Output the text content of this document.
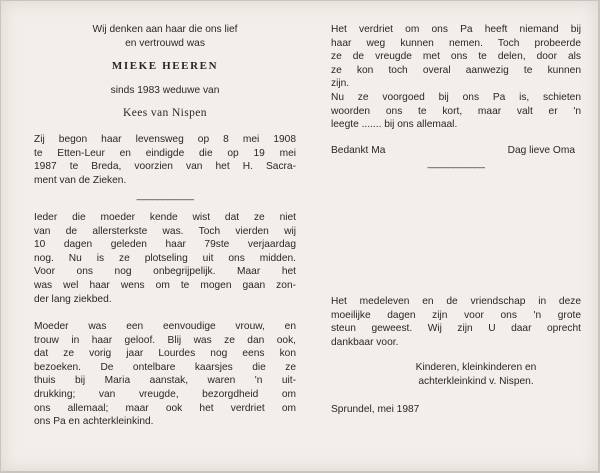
Wij denken aan haar die ons lief

en vertrouwd was

MIEKE HEEREN

sinds 1983 weduwe van

Kees van Nispen

Zij begon haar levensweg op 8 mei 1908

te Etten-Leur en eindigde die op 19 mei

1987 te Breda, voorzien van het H. Sacra-

ment van de Zieken.

___________

Ieder die moeder kende wist dat ze niet

van de allersterkste was. Toch vierden wij

10 dagen geleden haar 79ste verjaardag

nog. Nu is ze plotseling uit ons midden.

Voor ons nog onbegrijpelijk. Maar het

was wel haar wens om te mogen gaan zon-

der lang ziekbed.

Moeder was een eenvoudige vrouw, en

trouw in haar geloof. Blij was ze dan ook,

dat ze vorig jaar Lourdes nog eens kon

bezoeken. De ontelbare kaarsjes die ze

thuis bij Maria aanstak, waren 'n uit-

drukking; van vreugde, bezorgdheid om

ons allemaal; maar ook het verdriet om

ons Pa en achterkleinkind.

Het verdriet om ons Pa heeft niemand bij

haar weg kunnen nemen. Toch probeerde

ze de vreugde met ons te delen, door als

ze kon toch overal aanwezig te kunnen

zijn.

Nu ze voorgoed bij ons Pa is, schieten

woorden ons te kort, maar valt er 'n

leegte ....... bij ons allemaal.

Bedankt Ma	Dag lieve Oma

___________

Het medeleven en de vriendschap in deze

moeilijke dagen zijn voor ons 'n grote

steun geweest. Wij zijn U daar oprecht

dankbaar voor.

Kinderen, kleinkinderen en

achterkleinkind v. Nispen.

Sprundel, mei 1987
